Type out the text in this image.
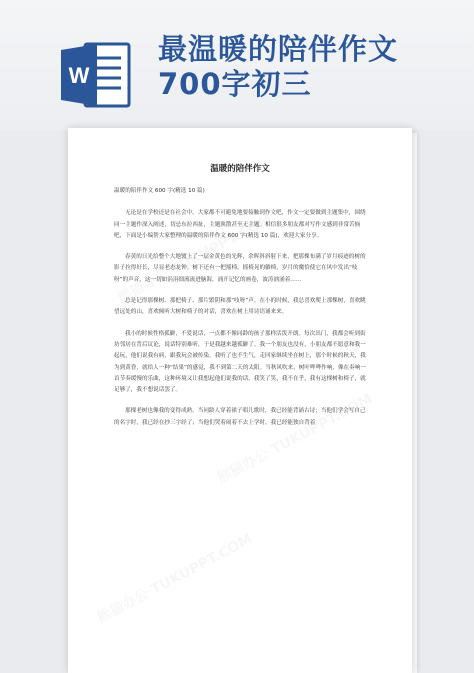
W
最温暖的陪伴作文
700字初三
温暖的陪伴作文

温暖的陪伴作文 600 字(精选 10 篇)

无论是在学校还是在社会中，大家都不可避免地要接触到作文吧，作文一定要做到主题集中，围绕同一主题作深入阐述，切忌东拉西扯，主题涣散甚至无主题。相信很多朋友都对写作文感到非常苦恼吧，下面是小编帮大家整理的温暖的陪伴作文 600 字(精选 10 篇)，欢迎大家分享。

春黄的日光给整个大地镀上了一层金黄色的光辉，余晖斜斜射下来，把那棵布满了岁月痕迹的树的影子拉得好长，尽显老态龙钟。树下还有一把摇椅，摇椅晃的躺椅，岁月的魔恰使它在风中发出“吱呀”的声音，这一切如涓涓细流流进脑海，涌开记忆的画卷，波涛汹涌着……

总是记得那棵树、那把椅子、那片繁阴和那“吱呀”声。在小的时候，我总喜欢爬上那棵树，喜欢眺望远处的山，喜欢倾听大树和椅子的对话，喜欢在树上用诗语诵来来。

我小的时候性格孤僻，不爱说话，一点都不像同龄的孩子那样活泼开朗。每次出门，我都会听到街坊邻居在背后议论，说话特别难听，于是我越来越孤僻了。我一个朋友也没有，小朋友都不愿意和我一起玩，他们说我有病，跟我玩会被传染，我听了也不生气，走回家继续坐在树上，那个时候的秋天，我为到黄昏，就给人一种“结果”的感觉，我不到第二天的太阳。当秋风吹来，树叶哗哗作响，像在奏响一首节奏缓慢的乐曲，这种环境又让我想起他们说我的话，我笑了笑，我不在乎，我有这棵树和椅子，就足够了，我不想说话罢了。

那棵老树也像我的变得成熟，当同龄人穿着裙子唱儿歌时，我已经能背诵古诗；当他们学会写自己的名字时，我已经在抄三字经了；当他们哭着闹着不去上学时，我已经能独自背着
